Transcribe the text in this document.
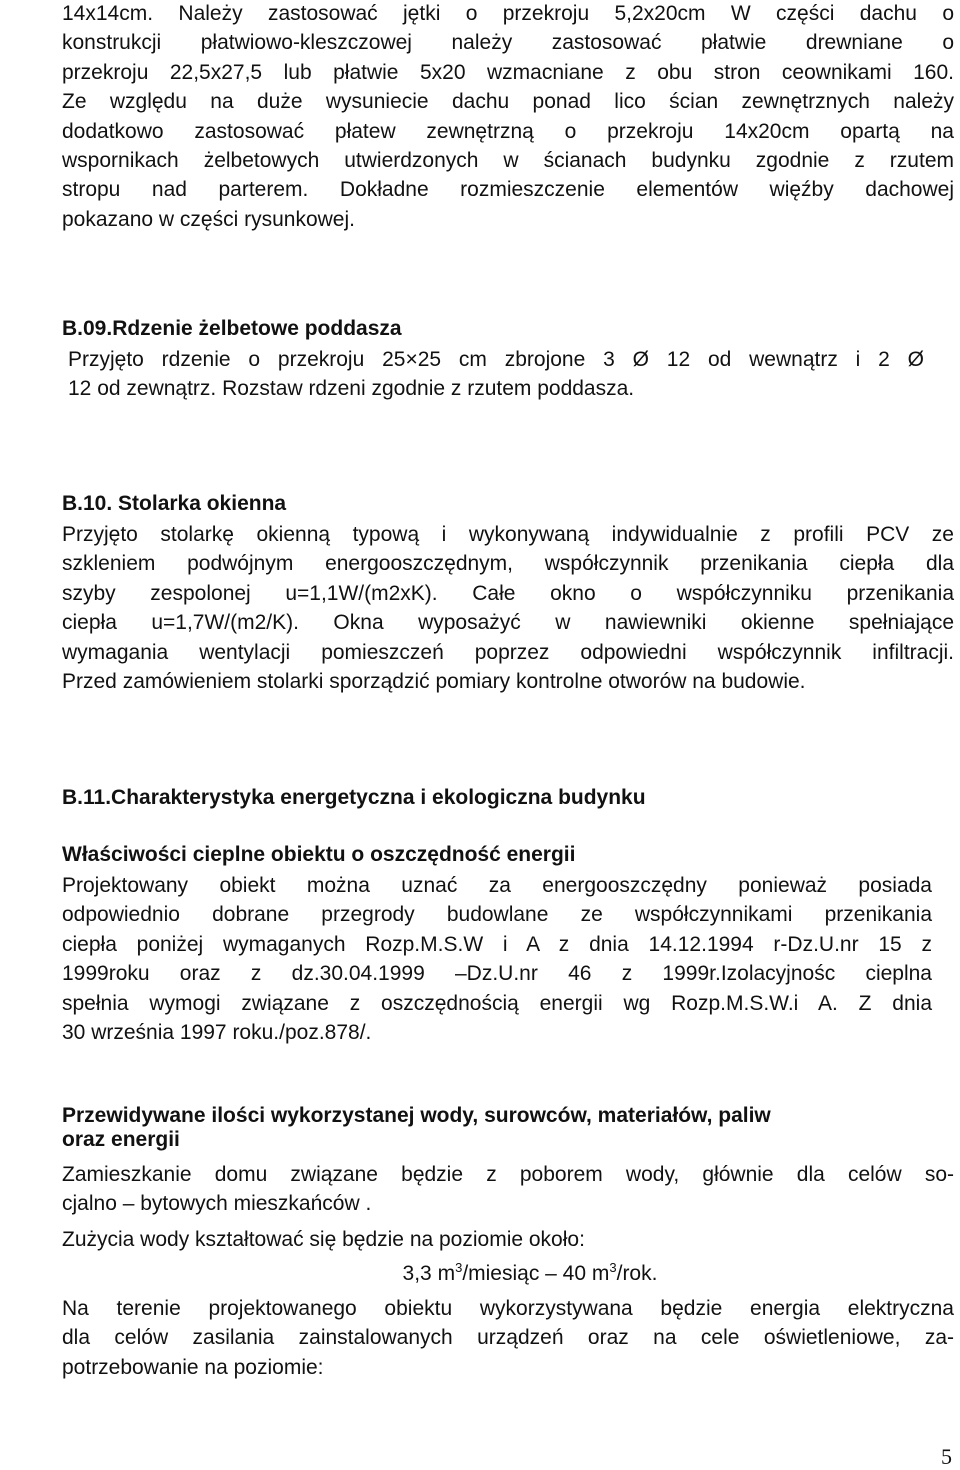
14x14cm. Należy zastosować jętki o przekroju 5,2x20cm W części dachu o
konstrukcji płatwiowo-kleszczowej należy zastosować płatwie drewniane o
przekroju 22,5x27,5 lub płatwie 5x20 wzmacniane z obu stron ceownikami 160.
Ze względu na duże wysuniecie dachu ponad lico ścian zewnętrznych należy
dodatkowo zastosować płatew zewnętrzną o przekroju 14x20cm opartą na
wspornikach żelbetowych utwierdzonych w ścianach budynku zgodnie z rzutem
stropu nad parterem. Dokładne rozmieszczenie elementów więźby dachowej
pokazano w części rysunkowej.
B.09.Rdzenie żelbetowe poddasza
Przyjęto rdzenie o przekroju 25×25 cm zbrojone 3 Ø 12 od wewnątrz i 2 Ø
12 od zewnątrz. Rozstaw rdzeni zgodnie z rzutem poddasza.
B.10. Stolarka okienna
Przyjęto stolarkę okienną typową i wykonywaną indywidualnie z profili PCV ze
szkleniem podwójnym energooszczędnym, współczynnik przenikania ciepła dla
szyby zespolonej u=1,1W/(m2xK). Całe okno o współczynniku przenikania
ciepła u=1,7W/(m2/K). Okna wyposażyć w nawiewniki okienne spełniające
wymagania wentylacji pomieszczeń poprzez odpowiedni współczynnik infiltracji.
Przed zamówieniem stolarki sporządzić pomiary kontrolne otworów na budowie.
B.11.Charakterystyka energetyczna i ekologiczna budynku
Właściwości cieplne obiektu o oszczędność energii
Projektowany obiekt można uznać za energooszczędny ponieważ posiada
odpowiednio dobrane przegrody budowlane ze współczynnikami przenikania
ciepła poniżej wymaganych Rozp.M.S.W i A z dnia 14.12.1994 r-Dz.U.nr 15 z
1999roku oraz z dz.30.04.1999 –Dz.U.nr 46 z 1999r.Izolacyjnośc cieplna
spełnia wymogi związane z oszczędnością energii wg Rozp.M.S.W.i A. Z dnia
30 września 1997 roku./poz.878/.
Przewidywane ilości wykorzystanej wody, surowców, materiałów, paliw
oraz energii
Zamieszkanie domu związane będzie z poborem wody, głównie dla celów so-
cjalno – bytowych mieszkańców .
Zużycia wody kształtować się będzie na poziomie około:
3,3 $m^3$/miesiąc – 40 $m^3$/rok.
Na terenie projektowanego obiektu wykorzystywana będzie energia elektryczna
dla celów zasilania zainstalowanych urządzeń oraz na cele oświetleniowe, za-
potrzebowanie na poziomie:
5
